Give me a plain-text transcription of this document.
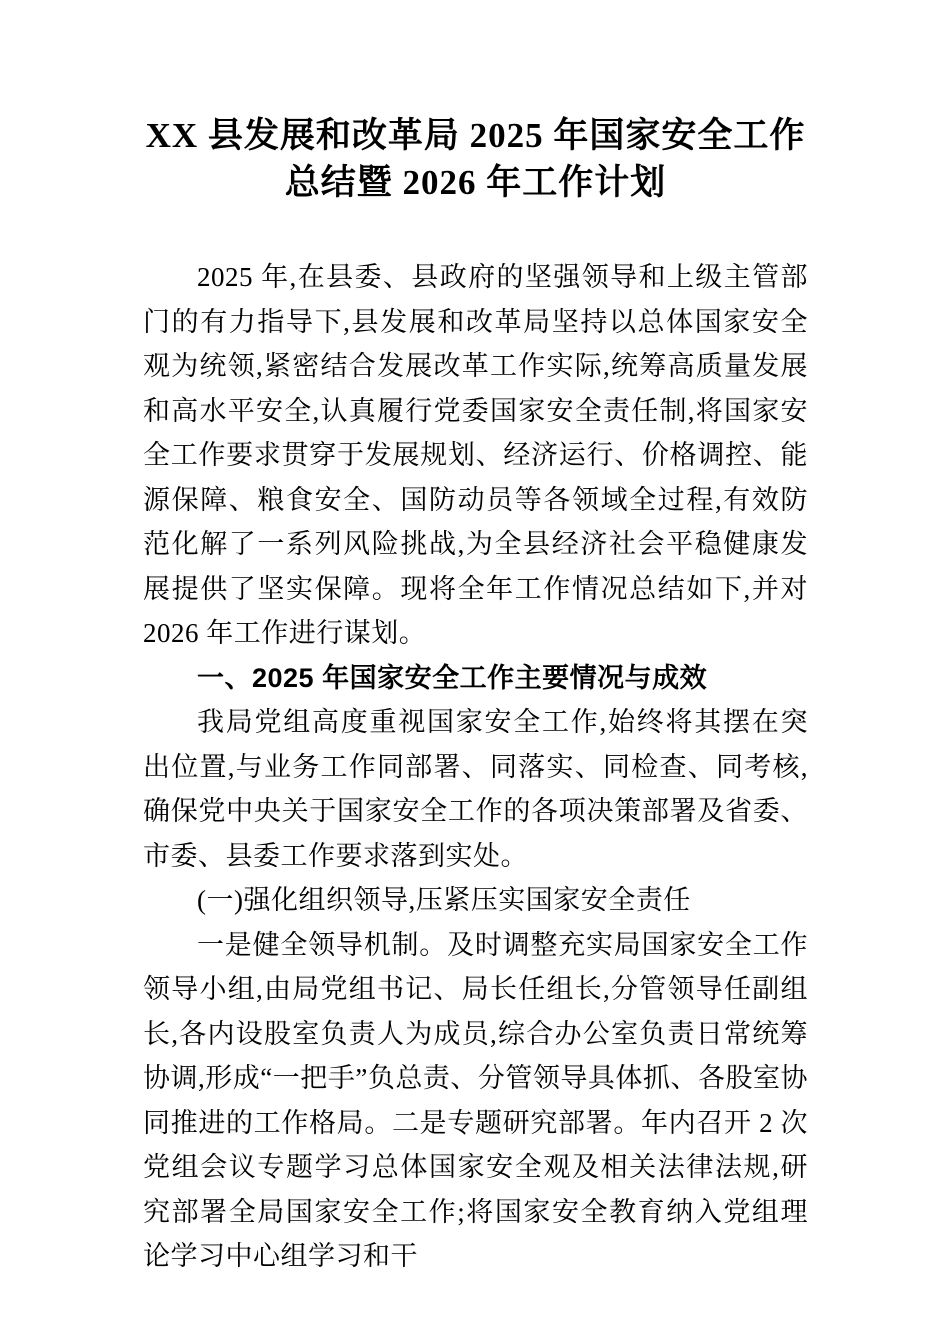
XX 县发展和改革局 2025 年国家安全工作
总结暨 2026 年工作计划

2025 年,在县委、县政府的坚强领导和上级主管部门的有力指导下,县发展和改革局坚持以总体国家安全观为统领,紧密结合发展改革工作实际,统筹高质量发展和高水平安全,认真履行党委国家安全责任制,将国家安全工作要求贯穿于发展规划、经济运行、价格调控、能源保障、粮食安全、国防动员等各领域全过程,有效防范化解了一系列风险挑战,为全县经济社会平稳健康发展提供了坚实保障。现将全年工作情况总结如下,并对 2026 年工作进行谋划。

一、2025 年国家安全工作主要情况与成效

我局党组高度重视国家安全工作,始终将其摆在突出位置,与业务工作同部署、同落实、同检查、同考核,确保党中央关于国家安全工作的各项决策部署及省委、市委、县委工作要求落到实处。

(一)强化组织领导,压紧压实国家安全责任

一是健全领导机制。及时调整充实局国家安全工作领导小组,由局党组书记、局长任组长,分管领导任副组长,各内设股室负责人为成员,综合办公室负责日常统筹协调,形成“一把手”负总责、分管领导具体抓、各股室协同推进的工作格局。二是专题研究部署。年内召开 2 次党组会议专题学习总体国家安全观及相关法律法规,研究部署全局国家安全工作;将国家安全教育纳入党组理论学习中心组学习和干
